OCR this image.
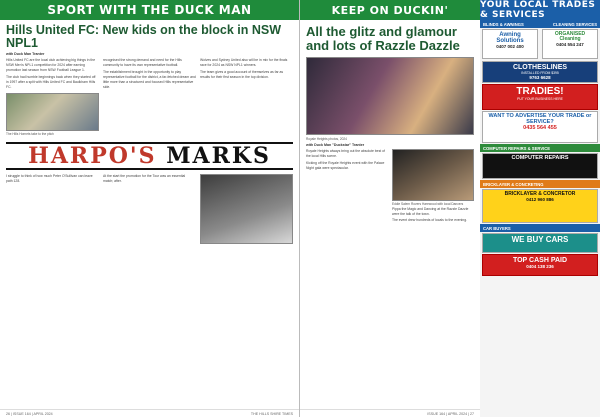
SPORT WITH THE DUCK MAN
Hills United FC: New kids on the block in NSW NPL1
with Duck Man Tranter

Hills United FC are the local club achieving big things in the NSW Men's NPL1 competition for 2024 after earning promotion last season from NSW Football League 1.

The club had humble beginnings back when they started off in 1997 after a split with Hills United FC and Baulkham Hills FC.

The Hills Hornets take to the pitch

recognised the strong demand and need for the Hills community to have its own representative football.

The establishment brought in the opportunity to play representative football for the district, a far-fetched dream and little more than a structured and focused Hills representative side.

Wolves and Sydney United also will be in mix for the finals race for 2024 as NSW NPL1 winners.

The team gives a good account of themselves as far as results for their first season in the top division.

HARPO'S
MARKS

I struggle to think of how much Peter O'Sullivan can leave path 128.

At the start the promotion for the Tour was an essential match; after.

26 | ISSUE 164 | APRIL 2024	THE HILLS SHIRE TIMES
KEEP ON DUCKIN'
All the glitz and glamour and lots of Razzle Dazzle
Royale Heights photos, 2024
with Duck Man "Duckstar" Tranter

Royale Heights always bring out the absolute best of the local Hills scene.

Kicking off the Royale Heights event with the Palace Night gala were spectacular.

Eddie Salem Rovers Harewood with local Dancers

Pippa the Magic and Dancing at the Razzle Dazzle were the talk of the town.

The event drew hundreds of locals to the evening.

ISSUE 164 | APRIL 2024 | 27
YOUR LOCAL TRADES & SERVICES
BLINDS & AWNINGS	CLEANING SERVICES
Awning Solutions
0407 002 400
ORGANISED Cleaning
0404 554 247
CLOTHESLINES
INSTALLED FROM $395
9763 6628
TRADIES!
PUT YOUR BUSINESS HERE
WANT TO ADVERTISE YOUR TRADE or SERVICE?
0435 564 455
COMPUTER REPAIRS & SERVICE
COMPUTER REPAIRS
BRICKLAYER & CONCRETING
BRICKLAYER & CONCRETOR
0412 960 886
CAR BUYERS
WE BUY CARS
TOP CASH PAID
0404 138 236
